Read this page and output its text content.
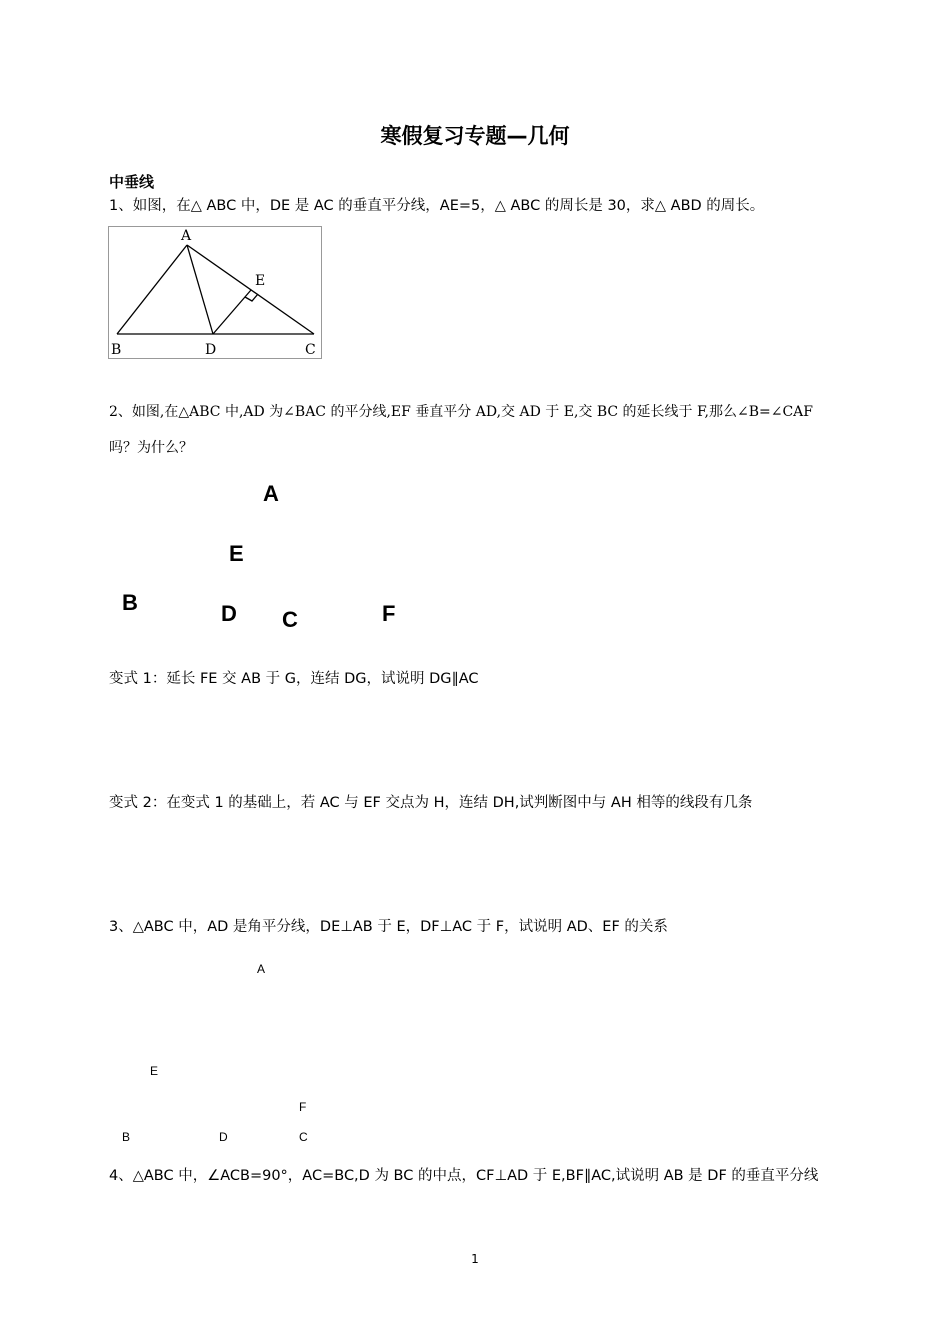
寒假复习专题—几何
中垂线
1、如图，在△ ABC 中，DE 是 AC 的垂直平分线，AE=5，△ ABC 的周长是 30，求△ ABD 的周长。
A
E
B	D	C
2、如图,在△ABC 中,AD 为∠BAC 的平分线,EF 垂直平分 AD,交 AD 于 E,交 BC 的延长线于 F,那么∠B=∠CAF
吗？为什么？
A
E
B	D C	F
变式 1：延长 FE 交 AB 于 G，连结 DG，试说明 DG∥AC
变式 2：在变式 1 的基础上，若 AC 与 EF 交点为 H，连结 DH,试判断图中与 AH 相等的线段有几条
3、△ABC 中，AD 是角平分线，DE⊥AB 于 E，DF⊥AC 于 F，试说明 AD、EF 的关系
A
E
F
B	D	C
4、△ABC 中，∠ACB=90°，AC=BC,D 为 BC 的中点，CF⊥AD 于 E,BF∥AC,试说明 AB 是 DF 的垂直平分线
1
